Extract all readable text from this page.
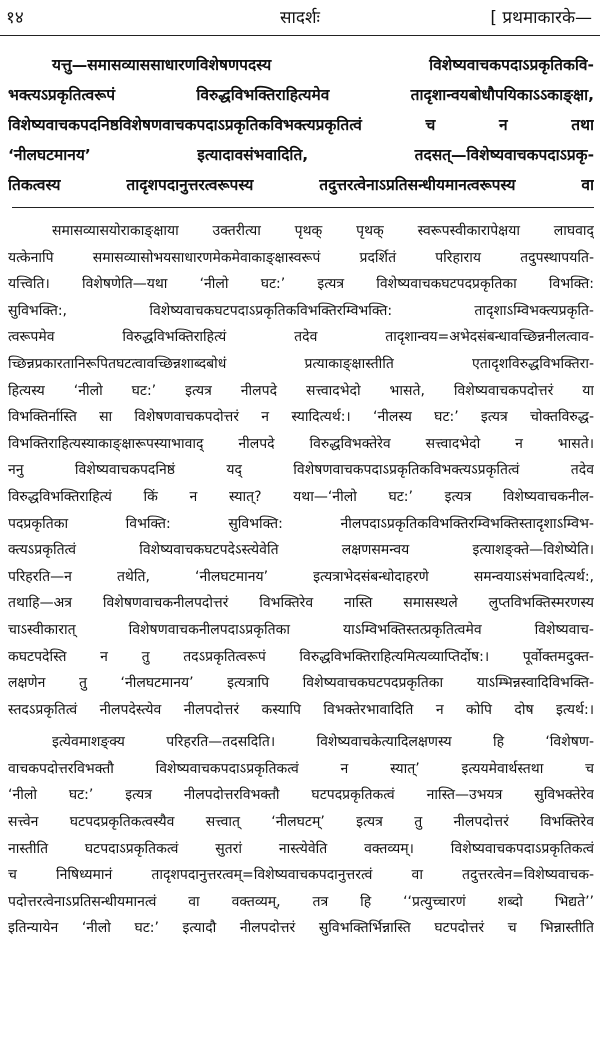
१४	सादर्शः	[ प्रथमाकारके—
यत्तु—समासव्याससाधारणविशेषणपदस्य विशेष्यवाचकपदाऽप्रकृतिकवि-
भक्त्यऽप्रकृतित्वरूपं विरुद्धविभक्तिराहित्यमेव तादृशान्वयबोधौपयिकाऽऽकाङ्क्षा,
विशेष्यवाचकपदनिष्ठविशेषणवाचकपदाऽप्रकृतिकविभक्त्यप्रकृतित्वं च न तथा
‘नीलघटमानय’ इत्यादावसंभवादिति, तदसत्—विशेष्यवाचकपदाऽप्रकृ-
तिकत्वस्य तादृशपदानुत्तरत्वरूपस्य तदुत्तरत्वेनाऽप्रतिसन्धीयमानत्वरूपस्य वा
समासव्यासयोराकाङ्क्षाया उक्तरीत्या पृथक् पृथक् स्वरूपस्वीकारापेक्षया लाघवाद्
यत्केनापि समासव्यासोभयसाधारणमेकमेवाकाङ्क्षास्वरूपं प्रदर्शितं परिहाराय तदुपस्थापयति-
यत्त्विति। विशेषणेति—यथा ‘नीलो घट:’ इत्यत्र विशेष्यवाचकघटपदप्रकृतिका विभक्ति:
सुविभक्ति:, विशेष्यवाचकघटपदाऽप्रकृतिकविभक्तिरम्विभक्ति: तादृशाऽम्विभक्त्यप्रकृति-
त्वरूपमेव विरुद्धविभक्तिराहित्यं तदेव तादृशान्वय=अभेदसंबन्धावच्छिन्ननीलत्वाव-
च्छिन्नप्रकारतानिरूपितघटत्वावच्छिन्नशाब्दबोधं प्रत्याकाङ्क्षास्तीति एतादृशविरुद्धविभक्तिरा-
हित्यस्य ‘नीलो घट:’ इत्यत्र नीलपदे सत्त्वादभेदो भासते, विशेष्यवाचकपदोत्तरं या
विभक्तिर्नास्ति सा विशेषणवाचकपदोत्तरं न स्यादित्यर्थ:। ‘नीलस्य घट:’ इत्यत्र चोक्तविरुद्ध-
विभक्तिराहित्यस्याकाङ्क्षारूपस्याभावाद् नीलपदे विरुद्धविभक्तेरेव सत्त्वादभेदो न भासते।
ननु विशेष्यवाचकपदनिष्ठं यद् विशेषणवाचकपदाऽप्रकृतिकविभक्त्यऽप्रकृतित्वं तदेव
विरुद्धविभक्तिराहित्यं किं न स्यात्? यथा—‘नीलो घट:’ इत्यत्र विशेष्यवाचकनील-
पदप्रकृतिका विभक्ति: सुविभक्ति: नीलपदाऽप्रकृतिकविभक्तिरम्विभक्तिस्तादृशाऽम्विभ-
क्त्यऽप्रकृतित्वं विशेष्यवाचकघटपदेऽस्त्येवेति लक्षणसमन्वय इत्याशङ्क्ते—विशेष्येति।
परिहरति—न तथेति, ‘नीलघटमानय’ इत्यत्राभेदसंबन्धोदाहरणे समन्वयाऽसंभवादित्यर्थ:,
तथाहि—अत्र विशेषणवाचकनीलपदोत्तरं विभक्तिरेव नास्ति समासस्थले लुप्तविभक्तिस्मरणस्य
चाऽस्वीकारात् विशेषणवाचकनीलपदाऽप्रकृतिका याऽम्विभक्तिस्तत्प्रकृतित्वमेव विशेष्यवाच-
कघटपदेस्ति न तु तदऽप्रकृतित्वरूपं विरुद्धविभक्तिराहित्यमित्यव्याप्तिर्दोष:। पूर्वोक्तमदुक्त-
लक्षणेन तु ‘नीलघटमानय’ इत्यत्रापि विशेष्यवाचकघटपदप्रकृतिका याऽम्भिन्नस्वादिविभक्ति-
स्तदऽप्रकृतित्वं नीलपदेस्त्येव नीलपदोत्तरं कस्यापि विभक्तेरभावादिति न कोपि दोष इत्यर्थ:।
इत्येवमाशङ्क्य परिहरति—तदसदिति। विशेष्यवाचकेत्यादिलक्षणस्य हि ‘विशेषण-
वाचकपदोत्तरविभक्तौ विशेष्यवाचकपदाऽप्रकृतिकत्वं न स्यात्’ इत्ययमेवार्थस्तथा च
‘नीलो घट:’ इत्यत्र नीलपदोत्तरविभक्तौ घटपदप्रकृतिकत्वं नास्ति—उभयत्र सुविभक्तेरेव
सत्त्वेन घटपदप्रकृतिकत्वस्यैव सत्त्वात् ‘नीलघटम्’ इत्यत्र तु नीलपदोत्तरं विभक्तिरेव
नास्तीति घटपदाऽप्रकृतिकत्वं सुतरां नास्त्येवेति वक्तव्यम्। विशेष्यवाचकपदाऽप्रकृतिकत्वं
च निषिध्यमानं तादृशपदानुत्तरत्वम्=विशेष्यवाचकपदानुत्तरत्वं वा तदुत्तरत्वेन=विशेष्यवाचक-
पदोत्तरत्वेनाऽप्रतिसन्धीयमानत्वं वा वक्तव्यम्, तत्र हि ‘‘प्रत्युच्चारणं शब्दो भिद्यते’’
इतिन्यायेन ‘नीलो घट:’ इत्यादौ नीलपदोत्तरं सुविभक्तिर्भिन्नास्ति घटपदोत्तरं च भिन्नास्तीति
